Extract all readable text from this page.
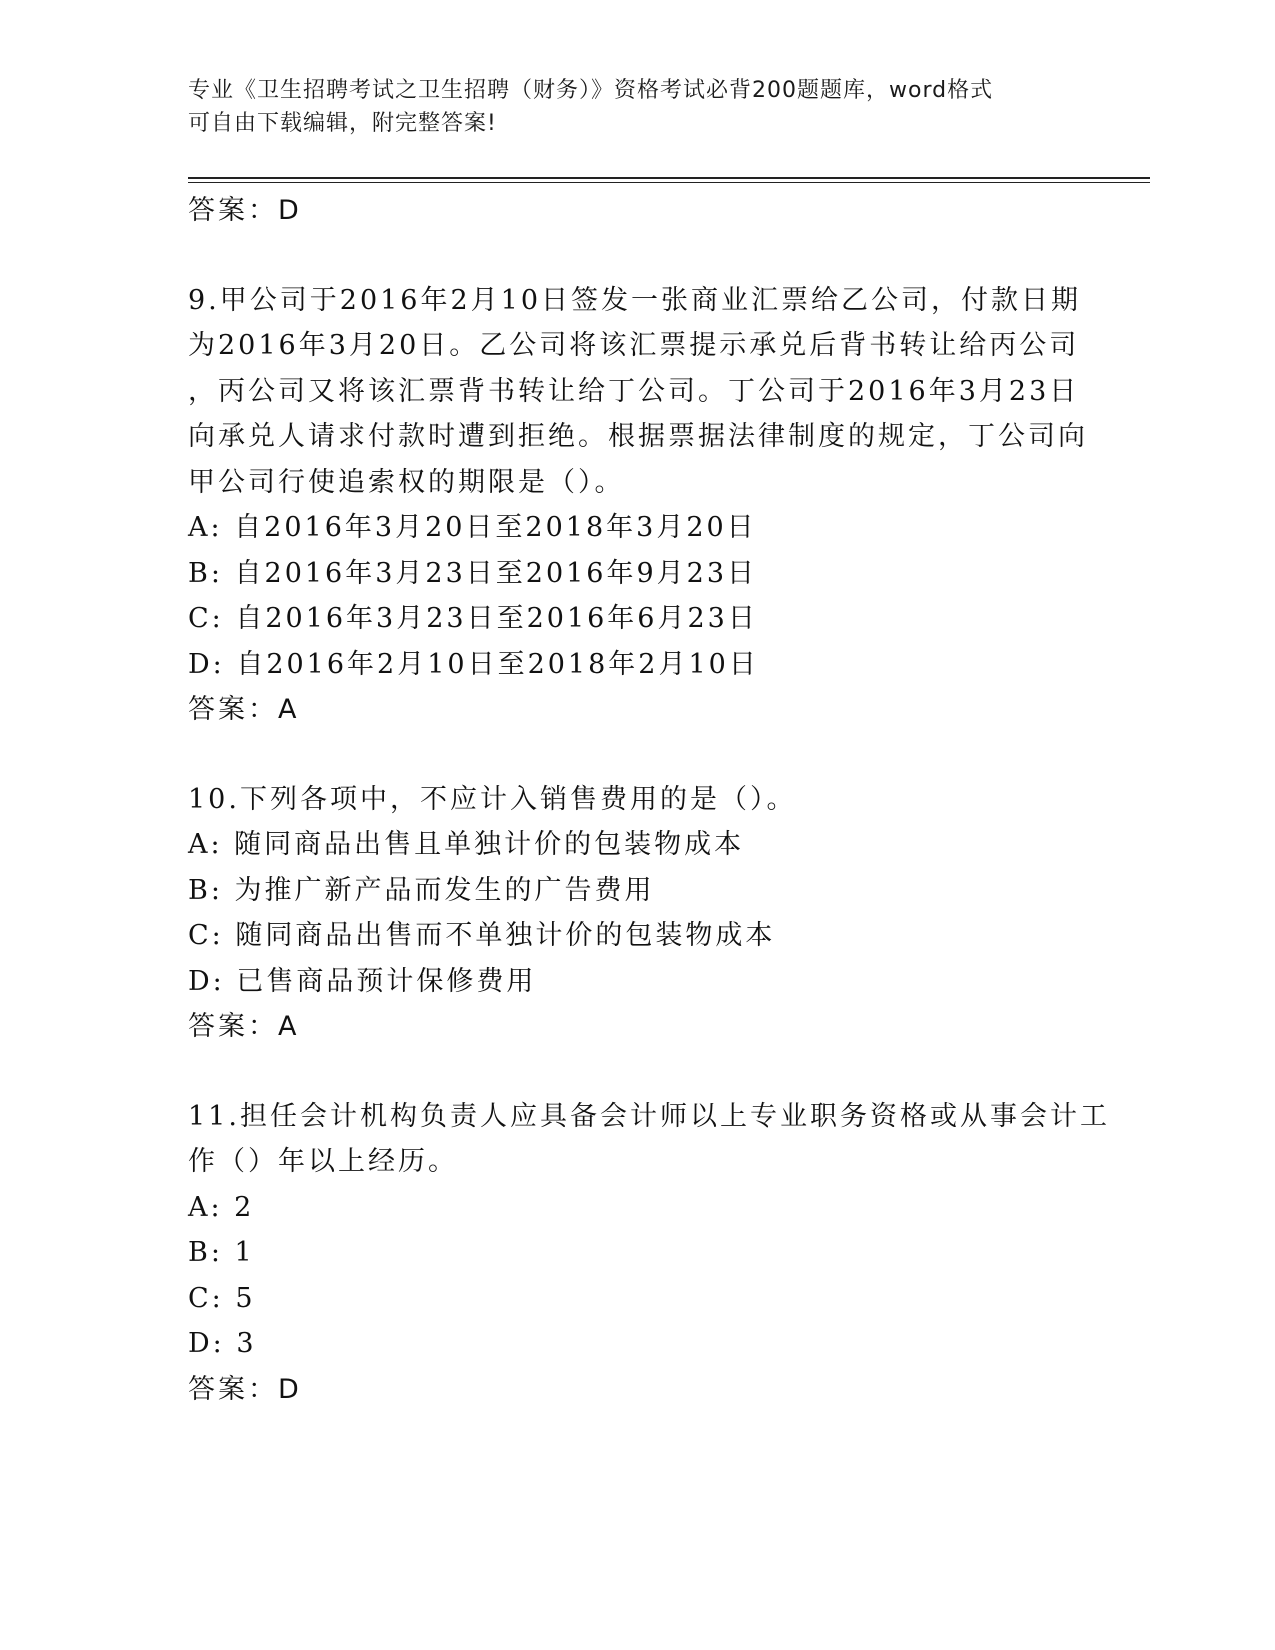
专业《卫生招聘考试之卫生招聘（财务）》资格考试必背200题题库，word格式
可自由下载编辑，附完整答案!
答案：D
9.甲公司于2016年2月10日签发一张商业汇票给乙公司，付款日期
为2016年3月20日。乙公司将该汇票提示承兑后背书转让给丙公司
，丙公司又将该汇票背书转让给丁公司。丁公司于2016年3月23日
向承兑人请求付款时遭到拒绝。根据票据法律制度的规定，丁公司向
甲公司行使追索权的期限是（）。
A: 自2016年3月20日至2018年3月20日
B: 自2016年3月23日至2016年9月23日
C: 自2016年3月23日至2016年6月23日
D: 自2016年2月10日至2018年2月10日
答案：A
10.下列各项中，不应计入销售费用的是（）。
A: 随同商品出售且单独计价的包装物成本
B: 为推广新产品而发生的广告费用
C: 随同商品出售而不单独计价的包装物成本
D: 已售商品预计保修费用
答案：A
11.担任会计机构负责人应具备会计师以上专业职务资格或从事会计工
作（）年以上经历。
A: 2
B: 1
C: 5
D: 3
答案：D
